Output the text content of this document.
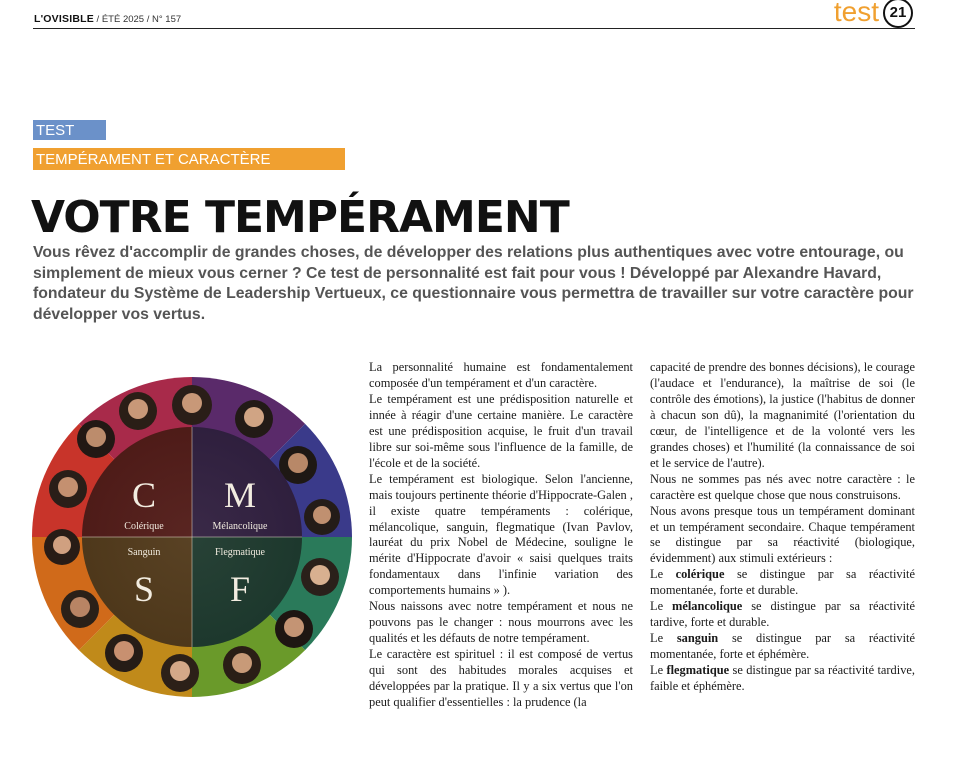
L'OVISIBLE / ÉTÉ 2025 / N° 157	test 21
TEST
TEMPÉRAMENT ET CARACTÈRE
VOTRE TEMPÉRAMENT
Vous rêvez d'accomplir de grandes choses, de développer des relations plus authentiques avec votre entourage, ou simplement de mieux vous cerner ? Ce test de personnalité est fait pour vous ! Développé par Alexandre Havard, fondateur du Système de Leadership Vertueux, ce questionnaire vous permettra de travailler sur votre caractère pour développer vos vertus.
C
Colérique
M
Mélancolique
Sanguin
S
Flegmatique
F

La personnalité humaine est fondamentalement composée d'un tempérament et d'un caractère.

Le tempérament est une prédisposition naturelle et innée à réagir d'une certaine manière. Le caractère est une prédisposition acquise, le fruit d'un travail libre sur soi-même sous l'influence de la famille, de l'école et de la société.

Le tempérament est biologique. Selon l'ancienne, mais toujours pertinente théorie d'Hippocrate-Galen , il existe quatre tempéraments : colérique, mélancolique, sanguin, flegmatique (Ivan Pavlov, lauréat du prix Nobel de Médecine, souligne le mérite d'Hippocrate d'avoir « saisi quelques traits fondamentaux dans l'infinie variation des comportements humains » ).

Nous naissons avec notre tempérament et nous ne pouvons pas le changer : nous mourrons avec les qualités et les défauts de notre tempérament.

Le caractère est spirituel : il est composé de vertus qui sont des habitudes morales acquises et développées par la pratique. Il y a six vertus que l'on peut qualifier d'essentielles : la prudence (la

capacité de prendre des bonnes décisions), le courage (l'audace et l'endurance), la maîtrise de soi (le contrôle des émotions), la justice (l'habitus de donner à chacun son dû), la magnanimité (l'orientation du cœur, de l'intelligence et de la volonté vers les grandes choses) et l'humilité (la connaissance de soi et le service de l'autre).

Nous ne sommes pas nés avec notre caractère : le caractère est quelque chose que nous construisons.

Nous avons presque tous un tempérament dominant et un tempérament secondaire. Chaque tempérament se distingue par sa réactivité (biologique, évidemment) aux stimuli extérieurs :

Le colérique se distingue par sa réactivité momentanée, forte et durable.

Le mélancolique se distingue par sa réactivité tardive, forte et durable.

Le sanguin se distingue par sa réactivité momentanée, forte et éphémère.

Le flegmatique se distingue par sa réactivité tardive, faible et éphémère.
